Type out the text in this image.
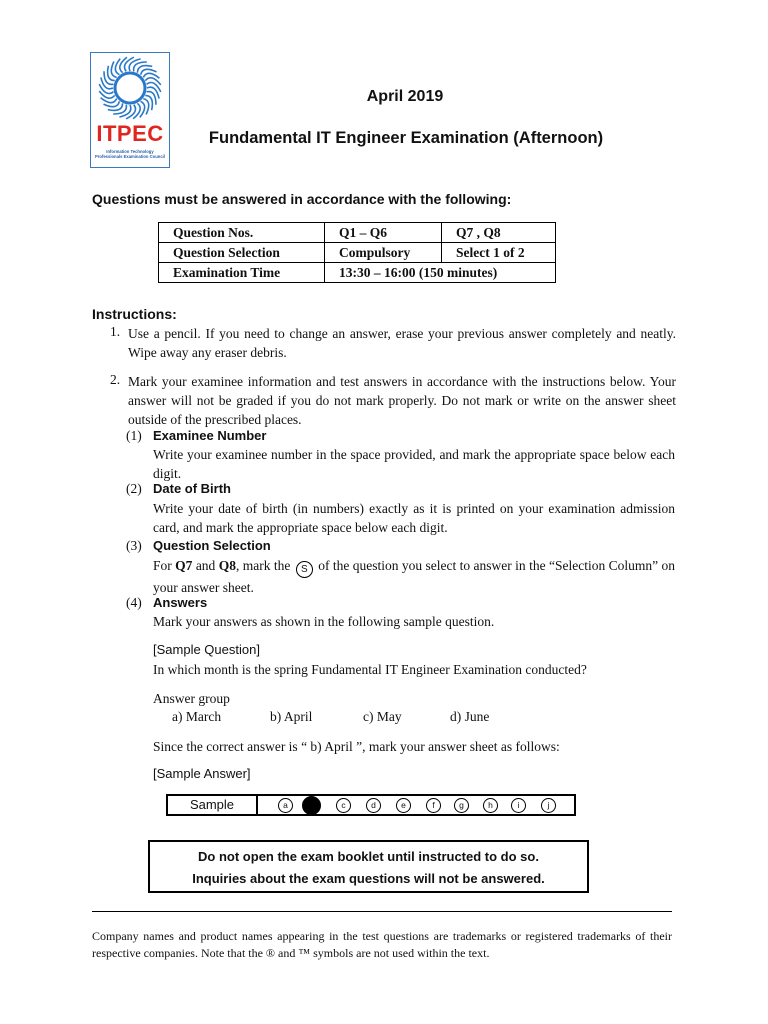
ITPEC
Information Technology
Professionals Examination Council
April 2019
Fundamental IT Engineer Examination (Afternoon)
Questions must be answered in accordance with the following:
Question Nos.	Q1 – Q6	Q7 , Q8
Question Selection	Compulsory	Select 1 of 2
Examination Time	13:30 – 16:00 (150 minutes)	
Instructions:
1. Use a pencil. If you need to change an answer, erase your previous answer completely and neatly. Wipe away any eraser debris.
2. Mark your examinee information and test answers in accordance with the instructions below. Your answer will not be graded if you do not mark properly. Do not mark or write on the answer sheet outside of the prescribed places.
(1) Examinee Number
Write your examinee number in the space provided, and mark the appropriate space below each digit.
(2) Date of Birth
Write your date of birth (in numbers) exactly as it is printed on your examination admission card, and mark the appropriate space below each digit.
(3) Question Selection
For Q7 and Q8, mark the S of the question you select to answer in the “Selection Column” on your answer sheet.
(4) Answers
Mark your answers as shown in the following sample question.
[Sample Question]
In which month is the spring Fundamental IT Engineer Examination conducted?
Answer group
a) March	b) April	c) May	d) June
Since the correct answer is “ b) April ”, mark your answer sheet as follows:
[Sample Answer]
Sample	a	c	d	e	f	g	h	i	j
Do not open the exam booklet until instructed to do so.
Inquiries about the exam questions will not be answered.
Company names and product names appearing in the test questions are trademarks or registered trademarks of their respective companies. Note that the ® and ™ symbols are not used within the text.
